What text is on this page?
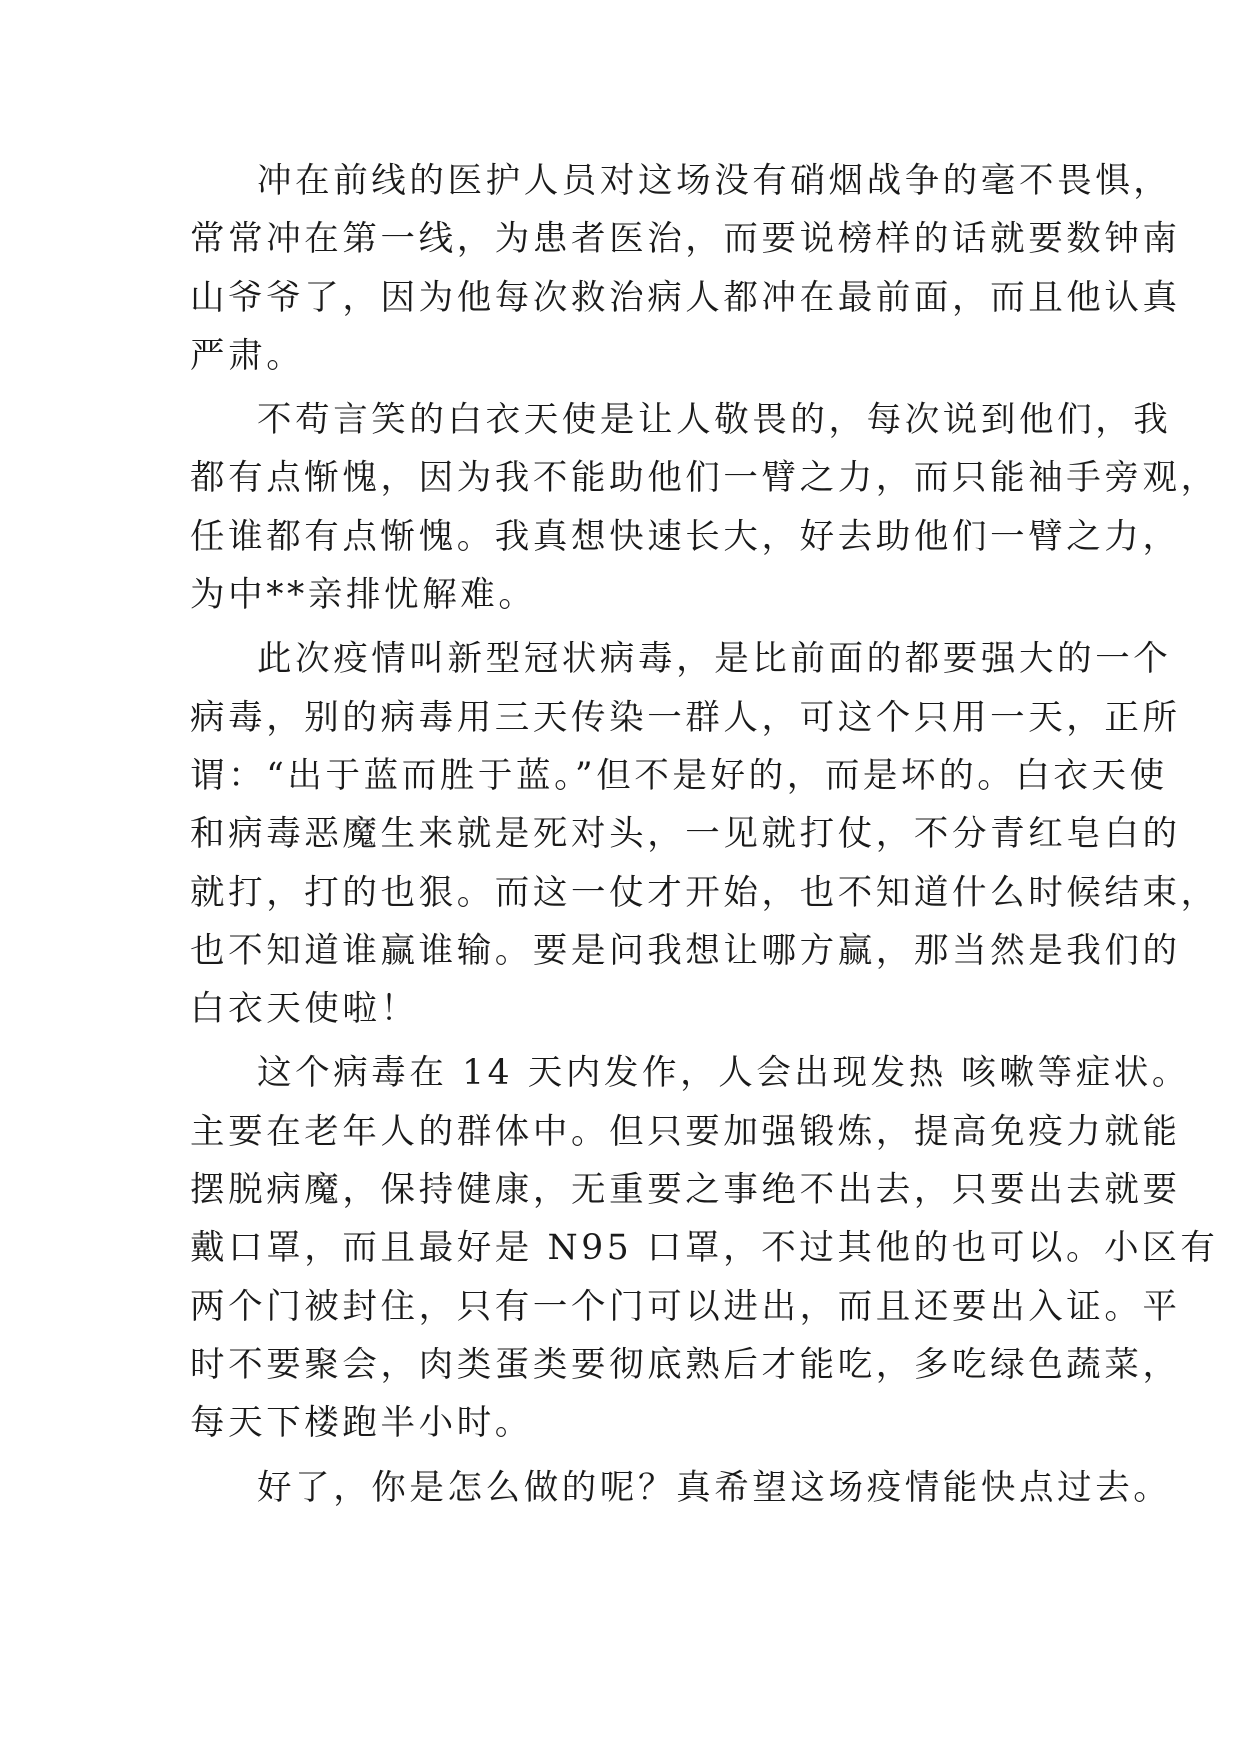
冲在前线的医护人员对这场没有硝烟战争的毫不畏惧，
常常冲在第一线，为患者医治，而要说榜样的话就要数钟南
山爷爷了，因为他每次救治病人都冲在最前面，而且他认真
严肃。

不苟言笑的白衣天使是让人敬畏的，每次说到他们，我
都有点惭愧，因为我不能助他们一臂之力，而只能袖手旁观，
任谁都有点惭愧。我真想快速长大，好去助他们一臂之力，
为中**亲排忧解难。

此次疫情叫新型冠状病毒，是比前面的都要强大的一个
病毒，别的病毒用三天传染一群人，可这个只用一天，正所
谓：“出于蓝而胜于蓝。”但不是好的，而是坏的。白衣天使
和病毒恶魔生来就是死对头，一见就打仗，不分青红皂白的
就打，打的也狠。而这一仗才开始，也不知道什么时候结束，
也不知道谁赢谁输。要是问我想让哪方赢，那当然是我们的
白衣天使啦！

这个病毒在 14 天内发作，人会出现发热 咳嗽等症状。
主要在老年人的群体中。但只要加强锻炼，提高免疫力就能
摆脱病魔，保持健康，无重要之事绝不出去，只要出去就要
戴口罩，而且最好是 N95 口罩，不过其他的也可以。小区有
两个门被封住，只有一个门可以进出，而且还要出入证。平
时不要聚会，肉类蛋类要彻底熟后才能吃，多吃绿色蔬菜，
每天下楼跑半小时。

好了，你是怎么做的呢？真希望这场疫情能快点过去。
